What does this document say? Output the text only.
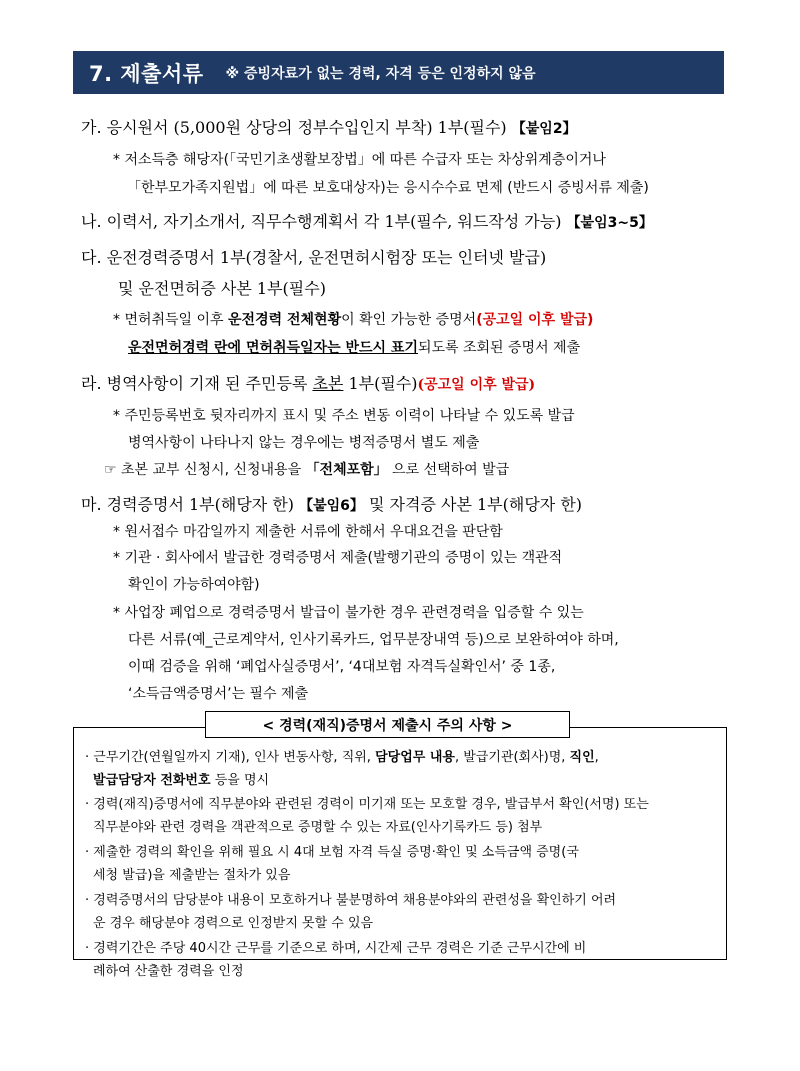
7. 제출서류 ※ 증빙자료가 없는 경력, 자격 등은 인정하지 않음
가. 응시원서 (5,000원 상당의 정부수입인지 부착) 1부(필수) 【붙임2】
* 저소득층 해당자(「국민기초생활보장법」에 따른 수급자 또는 차상위계층이거나
「한부모가족지원법」에 따른 보호대상자)는 응시수수료 면제 (반드시 증빙서류 제출)
나. 이력서, 자기소개서, 직무수행계획서 각 1부(필수, 워드작성 가능) 【붙임3~5】
다. 운전경력증명서 1부(경찰서, 운전면허시험장 또는 인터넷 발급)
및 운전면허증 사본 1부(필수)
* 면허취득일 이후 운전경력 전체현황이 확인 가능한 증명서(공고일 이후 발급)
운전면허경력 란에 면허취득일자는 반드시 표기되도록 조회된 증명서 제출
라. 병역사항이 기재 된 주민등록 초본 1부(필수)(공고일 이후 발급)
* 주민등록번호 뒷자리까지 표시 및 주소 변동 이력이 나타날 수 있도록 발급
병역사항이 나타나지 않는 경우에는 병적증명서 별도 제출
☞ 초본 교부 신청시, 신청내용을 「전체포함」 으로 선택하여 발급
마. 경력증명서 1부(해당자 한) 【붙임6】 및 자격증 사본 1부(해당자 한)
* 원서접수 마감일까지 제출한 서류에 한해서 우대요건을 판단함
* 기관 · 회사에서 발급한 경력증명서 제출(발행기관의 증명이 있는 객관적
확인이 가능하여야함)
* 사업장 폐업으로 경력증명서 발급이 불가한 경우 관련경력을 입증할 수 있는
다른 서류(예_근로계약서, 인사기록카드, 업무분장내역 등)으로 보완하여야 하며,
이때 검증을 위해 ‘폐업사실증명서’, ‘4대보험 자격득실확인서’ 중 1종,
‘소득금액증명서’는 필수 제출
< 경력(재직)증명서 제출시 주의 사항 >
· 근무기간(연월일까지 기재), 인사 변동사항, 직위, 담당업무 내용, 발급기관(회사)명, 직인,
발급담당자 전화번호 등을 명시
· 경력(재직)증명서에 직무분야와 관련된 경력이 미기재 또는 모호할 경우, 발급부서 확인(서명) 또는
직무분야와 관련 경력을 객관적으로 증명할 수 있는 자료(인사기록카드 등) 첨부
· 제출한 경력의 확인을 위해 필요 시 4대 보험 자격 득실 증명·확인 및 소득금액 증명(국
세청 발급)을 제출받는 절차가 있음
· 경력증명서의 담당분야 내용이 모호하거나 불분명하여 채용분야와의 관련성을 확인하기 어려
운 경우 해당분야 경력으로 인정받지 못할 수 있음
· 경력기간은 주당 40시간 근무를 기준으로 하며, 시간제 근무 경력은 기준 근무시간에 비
례하여 산출한 경력을 인정
